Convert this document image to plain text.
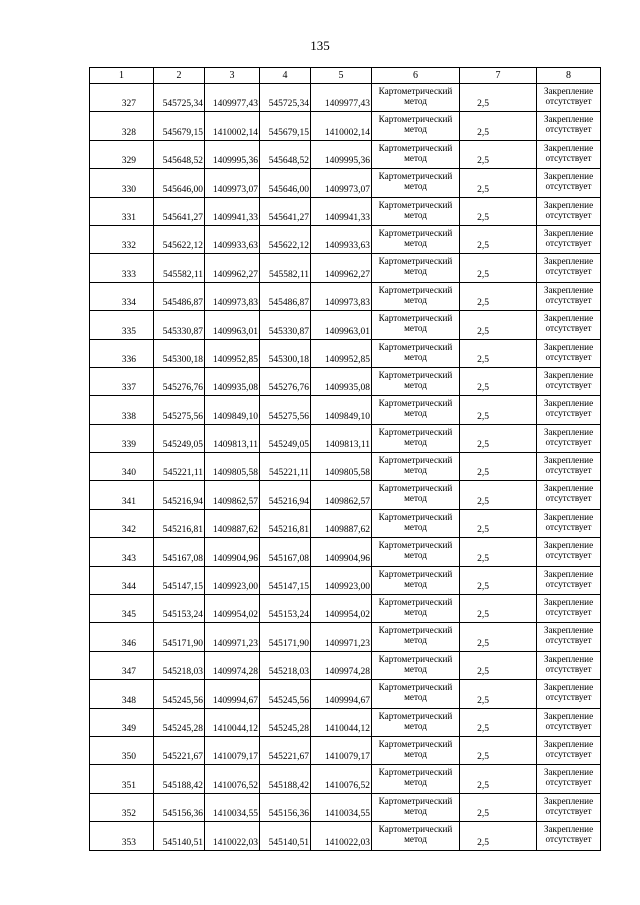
135
1	2	3	4	5	6	7	8
327	545725,34	1409977,43	545725,34	1409977,43	Картометрический метод	2,5	Закрепление отсутствует
328	545679,15	1410002,14	545679,15	1410002,14	Картометрический метод	2,5	Закрепление отсутствует
329	545648,52	1409995,36	545648,52	1409995,36	Картометрический метод	2,5	Закрепление отсутствует
330	545646,00	1409973,07	545646,00	1409973,07	Картометрический метод	2,5	Закрепление отсутствует
331	545641,27	1409941,33	545641,27	1409941,33	Картометрический метод	2,5	Закрепление отсутствует
332	545622,12	1409933,63	545622,12	1409933,63	Картометрический метод	2,5	Закрепление отсутствует
333	545582,11	1409962,27	545582,11	1409962,27	Картометрический метод	2,5	Закрепление отсутствует
334	545486,87	1409973,83	545486,87	1409973,83	Картометрический метод	2,5	Закрепление отсутствует
335	545330,87	1409963,01	545330,87	1409963,01	Картометрический метод	2,5	Закрепление отсутствует
336	545300,18	1409952,85	545300,18	1409952,85	Картометрический метод	2,5	Закрепление отсутствует
337	545276,76	1409935,08	545276,76	1409935,08	Картометрический метод	2,5	Закрепление отсутствует
338	545275,56	1409849,10	545275,56	1409849,10	Картометрический метод	2,5	Закрепление отсутствует
339	545249,05	1409813,11	545249,05	1409813,11	Картометрический метод	2,5	Закрепление отсутствует
340	545221,11	1409805,58	545221,11	1409805,58	Картометрический метод	2,5	Закрепление отсутствует
341	545216,94	1409862,57	545216,94	1409862,57	Картометрический метод	2,5	Закрепление отсутствует
342	545216,81	1409887,62	545216,81	1409887,62	Картометрический метод	2,5	Закрепление отсутствует
343	545167,08	1409904,96	545167,08	1409904,96	Картометрический метод	2,5	Закрепление отсутствует
344	545147,15	1409923,00	545147,15	1409923,00	Картометрический метод	2,5	Закрепление отсутствует
345	545153,24	1409954,02	545153,24	1409954,02	Картометрический метод	2,5	Закрепление отсутствует
346	545171,90	1409971,23	545171,90	1409971,23	Картометрический метод	2,5	Закрепление отсутствует
347	545218,03	1409974,28	545218,03	1409974,28	Картометрический метод	2,5	Закрепление отсутствует
348	545245,56	1409994,67	545245,56	1409994,67	Картометрический метод	2,5	Закрепление отсутствует
349	545245,28	1410044,12	545245,28	1410044,12	Картометрический метод	2,5	Закрепление отсутствует
350	545221,67	1410079,17	545221,67	1410079,17	Картометрический метод	2,5	Закрепление отсутствует
351	545188,42	1410076,52	545188,42	1410076,52	Картометрический метод	2,5	Закрепление отсутствует
352	545156,36	1410034,55	545156,36	1410034,55	Картометрический метод	2,5	Закрепление отсутствует
353	545140,51	1410022,03	545140,51	1410022,03	Картометрический метод	2,5	Закрепление отсутствует
